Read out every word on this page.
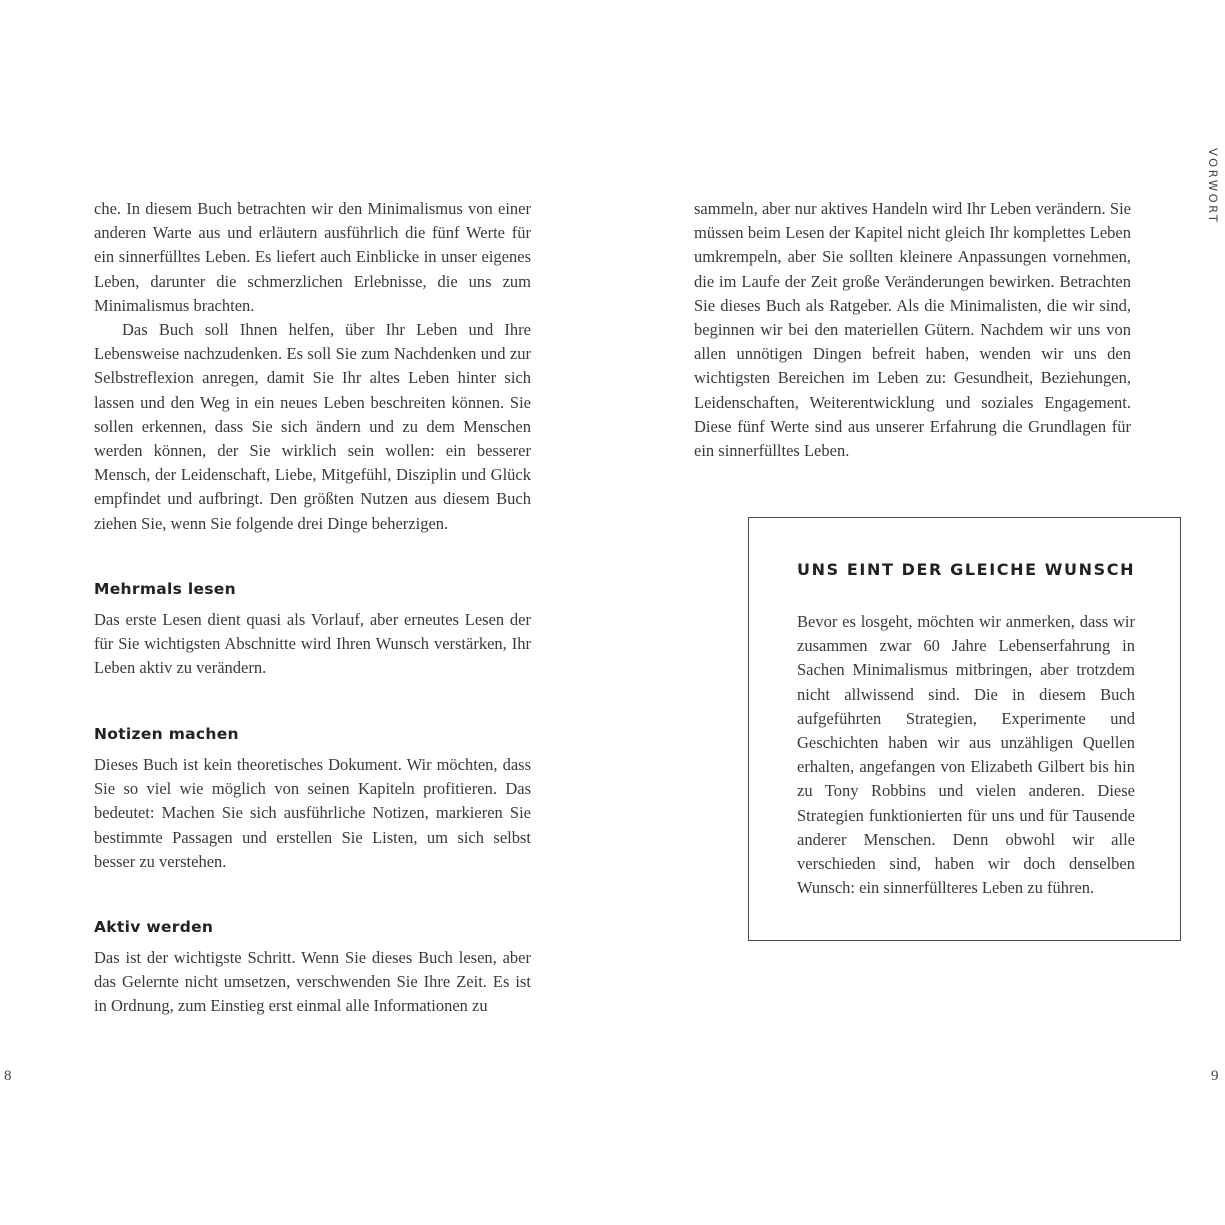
che. In diesem Buch betrachten wir den Minimalismus von einer anderen Warte aus und erläutern ausführlich die fünf Werte für ein sinnerfülltes Leben. Es liefert auch Einblicke in unser eigenes Leben, darunter die schmerzlichen Erlebnisse, die uns zum Minimalismus brachten.

Das Buch soll Ihnen helfen, über Ihr Leben und Ihre Lebensweise nachzudenken. Es soll Sie zum Nachdenken und zur Selbstreflexion anregen, damit Sie Ihr altes Leben hinter sich lassen und den Weg in ein neues Leben beschreiten können. Sie sollen erkennen, dass Sie sich ändern und zu dem Menschen werden können, der Sie wirklich sein wollen: ein besserer Mensch, der Leidenschaft, Liebe, Mitgefühl, Disziplin und Glück empfindet und aufbringt. Den größten Nutzen aus diesem Buch ziehen Sie, wenn Sie folgende drei Dinge beherzigen.

Mehrmals lesen

Das erste Lesen dient quasi als Vorlauf, aber erneutes Lesen der für Sie wichtigsten Abschnitte wird Ihren Wunsch verstärken, Ihr Leben aktiv zu verändern.

Notizen machen

Dieses Buch ist kein theoretisches Dokument. Wir möchten, dass Sie so viel wie möglich von seinen Kapiteln profitieren. Das bedeutet: Machen Sie sich ausführliche Notizen, markieren Sie bestimmte Passagen und erstellen Sie Listen, um sich selbst besser zu verstehen.

Aktiv werden

Das ist der wichtigste Schritt. Wenn Sie dieses Buch lesen, aber das Gelernte nicht umsetzen, verschwenden Sie Ihre Zeit. Es ist in Ordnung, zum Einstieg erst einmal alle Informationen zu

8
VORWORT

sammeln, aber nur aktives Handeln wird Ihr Leben verändern. Sie müssen beim Lesen der Kapitel nicht gleich Ihr komplettes Leben umkrempeln, aber Sie sollten kleinere Anpassungen vornehmen, die im Laufe der Zeit große Veränderungen bewirken. Betrachten Sie dieses Buch als Ratgeber. Als die Minimalisten, die wir sind, beginnen wir bei den materiellen Gütern. Nachdem wir uns von allen unnötigen Dingen befreit haben, wenden wir uns den wichtigsten Bereichen im Leben zu: Gesundheit, Beziehungen, Leidenschaften, Weiterentwicklung und soziales Engagement. Diese fünf Werte sind aus unserer Erfahrung die Grundlagen für ein sinnerfülltes Leben.

UNS EINT DER GLEICHE WUNSCH

Bevor es losgeht, möchten wir anmerken, dass wir zusammen zwar 60 Jahre Lebenserfahrung in Sachen Minimalismus mitbringen, aber trotzdem nicht allwissend sind. Die in diesem Buch aufgeführten Strategien, Experimente und Geschichten haben wir aus unzähligen Quellen erhalten, angefangen von Elizabeth Gilbert bis hin zu Tony Robbins und vielen anderen. Diese Strategien funktionierten für uns und für Tausende anderer Menschen. Denn obwohl wir alle verschieden sind, haben wir doch denselben Wunsch: ein sinnerfüllteres Leben zu führen.

9
